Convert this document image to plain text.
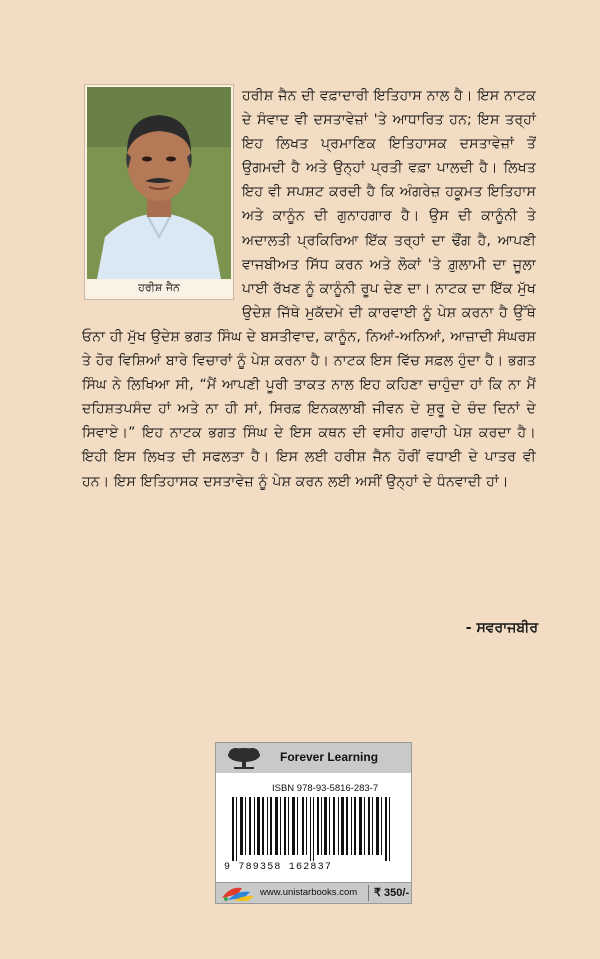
ਹਰੀਸ਼ ਜੈਨ ਦੀ ਵਫ਼ਾਦਾਰੀ ਇਤਿਹਾਸ ਨਾਲ ਹੈ। ਇਸ ਨਾਟਕ ਦੇ ਸੰਵਾਦ ਵੀ ਦਸਤਾਵੇਜ਼ਾਂ 'ਤੇ ਆਧਾਰਿਤ ਹਨ; ਇਸ ਤਰ੍ਹਾਂ ਇਹ ਲਿਖਤ ਪ੍ਰਮਾਣਿਕ ਇਤਿਹਾਸਕ ਦਸਤਾਵੇਜ਼ਾਂ ਤੋਂ ਉਗਮਦੀ ਹੈ ਅਤੇ ਉਨ੍ਹਾਂ ਪ੍ਰਤੀ ਵਫ਼ਾ ਪਾਲਦੀ ਹੈ। ਲਿਖਤ ਇਹ ਵੀ ਸਪਸ਼ਟ ਕਰਦੀ ਹੈ ਕਿ ਅੰਗਰੇਜ਼ ਹਕੂਮਤ ਇਤਿਹਾਸ ਅਤੇ ਕਾਨੂੰਨ ਦੀ ਗੁਨਾਹਗਾਰ ਹੈ। ਉਸ ਦੀ ਕਾਨੂੰਨੀ ਤੇ ਅਦਾਲਤੀ ਪ੍ਰਕਿਰਿਆ ਇੱਕ ਤਰ੍ਹਾਂ ਦਾ ਢੌਂਗ ਹੈ, ਆਪਣੀ ਵਾਜਬੀਅਤ ਸਿੱਧ ਕਰਨ ਅਤੇ ਲੋਕਾਂ 'ਤੇ ਗ਼ੁਲਾਮੀ ਦਾ ਜੂਲਾ ਪਾਈ ਰੱਖਣ ਨੂੰ ਕਾਨੂੰਨੀ ਰੂਪ ਦੇਣ ਦਾ। ਨਾਟਕ ਦਾ ਇੱਕ ਮੁੱਖ ਉਦੇਸ਼ ਜਿੱਥੇ ਮੁਕੱਦਮੇ ਦੀ ਕਾਰਵਾਈ ਨੂੰ ਪੇਸ਼ ਕਰਨਾ ਹੈ ਉੱਥੇ ਓਨਾ ਹੀ ਮੁੱਖ ਉਦੇਸ਼ ਭਗਤ ਸਿੰਘ ਦੇ ਬਸਤੀਵਾਦ, ਕਾਨੂੰਨ, ਨਿਆਂ-ਅਨਿਆਂ, ਆਜ਼ਾਦੀ ਸੰਘਰਸ਼ ਤੇ ਹੋਰ ਵਿਸ਼ਿਆਂ ਬਾਰੇ ਵਿਚਾਰਾਂ ਨੂੰ ਪੇਸ਼ ਕਰਨਾ ਹੈ। ਨਾਟਕ ਇਸ ਵਿੱਚ ਸਫ਼ਲ ਹੁੰਦਾ ਹੈ। ਭਗਤ ਸਿੰਘ ਨੇ ਲਿਖਿਆ ਸੀ, “ਮੈਂ ਆਪਣੀ ਪੂਰੀ ਤਾਕਤ ਨਾਲ ਇਹ ਕਹਿਣਾ ਚਾਹੁੰਦਾ ਹਾਂ ਕਿ ਨਾ ਮੈਂ ਦਹਿਸ਼ਤਪਸੰਦ ਹਾਂ ਅਤੇ ਨਾ ਹੀ ਸਾਂ, ਸਿਰਫ਼ ਇਨਕਲਾਬੀ ਜੀਵਨ ਦੇ ਸ਼ੁਰੂ ਦੇ ਚੰਦ ਦਿਨਾਂ ਦੇ ਸਿਵਾਏ।” ਇਹ ਨਾਟਕ ਭਗਤ ਸਿੰਘ ਦੇ ਇਸ ਕਥਨ ਦੀ ਵਸੀਹ ਗਵਾਹੀ ਪੇਸ਼ ਕਰਦਾ ਹੈ। ਇਹੀ ਇਸ ਲਿਖਤ ਦੀ ਸਫਲਤਾ ਹੈ। ਇਸ ਲਈ ਹਰੀਸ਼ ਜੈਨ ਹੋਰੀਂ ਵਧਾਈ ਦੇ ਪਾਤਰ ਵੀ ਹਨ। ਇਸ ਇਤਿਹਾਸਕ ਦਸਤਾਵੇਜ਼ ਨੂੰ ਪੇਸ਼ ਕਰਨ ਲਈ ਅਸੀਂ ਉਨ੍ਹਾਂ ਦੇ ਧੰਨਵਾਦੀ ਹਾਂ।

ਹਰੀਸ਼ ਜੈਨ
- ਸਵਰਾਜਬੀਰ
Forever Learning
ISBN 978-93-5816-283-7
9 789358 162837
www.unistarbooks.com ₹ 350/-
